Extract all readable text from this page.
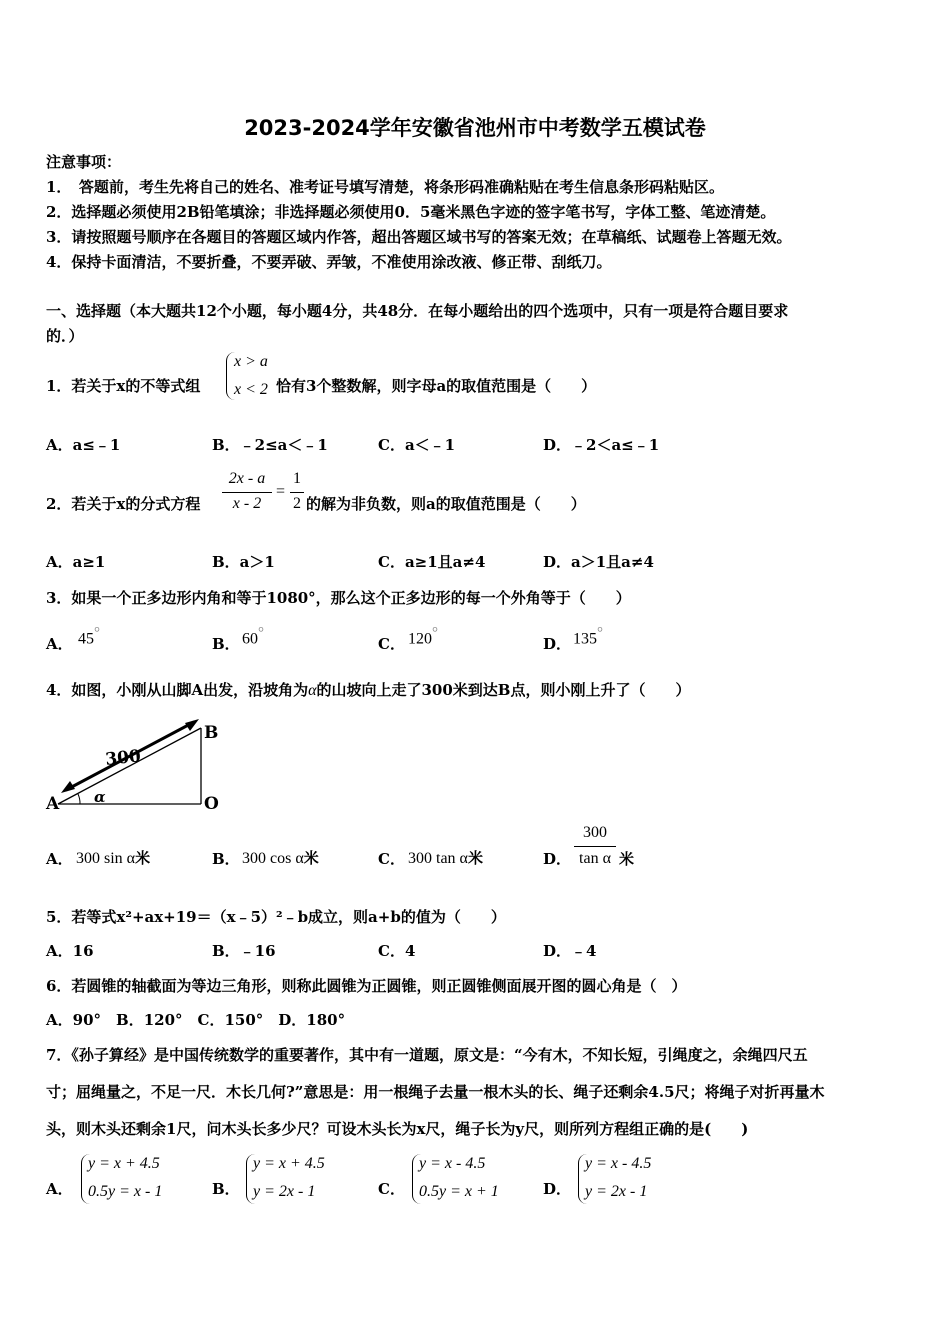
2023-2024学年安徽省池州市中考数学五模试卷
注意事项：
1．　答题前，考生先将自己的姓名、准考证号填写清楚，将条形码准确粘贴在考生信息条形码粘贴区。
2．选择题必须使用2B铅笔填涂；非选择题必须使用0．5毫米黑色字迹的签字笔书写，字体工整、笔迹清楚。
3．请按照题号顺序在各题目的答题区域内作答，超出答题区域书写的答案无效；在草稿纸、试题卷上答题无效。
4．保持卡面清洁，不要折叠，不要弄破、弄皱，不准使用涂改液、修正带、刮纸刀。
一、选择题（本大题共12个小题，每小题4分，共48分．在每小题给出的四个选项中，只有一项是符合题目要求
的．）
1．若关于x的不等式组
x > a
x < 2 恰有3个整数解，则字母a的取值范围是（　　）
A．a≤﹣1	B．﹣2≤a＜﹣1	C．a＜﹣1	D．﹣2＜a≤﹣1
2．若关于x的分式方程
2x - a
x - 2
=
1
2 的解为非负数，则a的取值范围是（　　）
A．a≥1	B．a＞1	C．a≥1且a≠4	D．a＞1且a≠4
3．如果一个正多边形内角和等于1080°，那么这个正多边形的每一个外角等于（　　）
A． 45°
B． 60°
C． 120°
D． 135°
4．如图，小刚从山脚A出发，沿坡角为α的山坡向上走了300米到达B点，则小刚上升了（　　）
A
B
O
300
α
A． 300 sin α米	B． 300 cos α米	C． 300 tan α米	D．
300
tan α 米
5．若等式x²+ax+19＝（x﹣5）²﹣b成立，则a+b的值为（　　）
A．16	B．﹣16	C．4	D．﹣4
6．若圆锥的轴截面为等边三角形，则称此圆锥为正圆锥，则正圆锥侧面展开图的圆心角是（　）
A．90°　B．120°　C．150°　D．180°
7．《孙子算经》是中国传统数学的重要著作，其中有一道题，原文是：“今有木，不知长短，引绳度之，余绳四尺五
寸；屈绳量之，不足一尺．木长几何?”意思是：用一根绳子去量一根木头的长、绳子还剩余4.5尺；将绳子对折再量木
头，则木头还剩余1尺，问木头长多少尺？可设木头长为x尺，绳子长为y尺，则所列方程组正确的是(　　)
A．
y = x + 4.5
0.5y = x - 1	B．
y = x + 4.5
y = 2x - 1	C．
y = x - 4.5
0.5y = x + 1	D．
y = x - 4.5
y = 2x - 1
